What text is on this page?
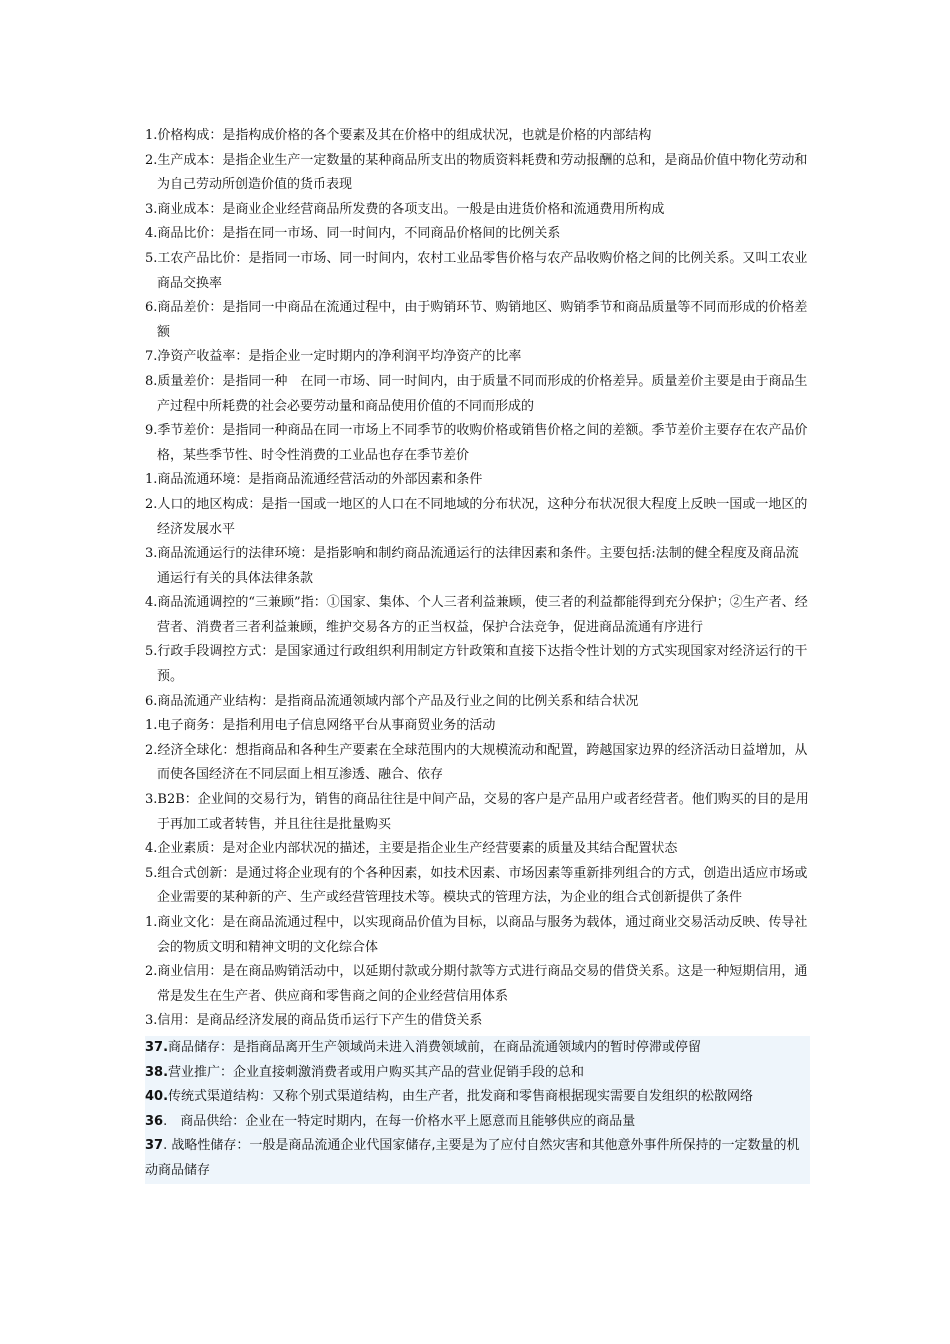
1.价格构成：是指构成价格的各个要素及其在价格中的组成状况，也就是价格的内部结构
2.生产成本：是指企业生产一定数量的某种商品所支出的物质资料耗费和劳动报酬的总和，是商品价值中物化劳动和为自己劳动所创造价值的货币表现
3.商业成本：是商业企业经营商品所发费的各项支出。一般是由进货价格和流通费用所构成
4.商品比价：是指在同一市场、同一时间内，不同商品价格间的比例关系
5.工农产品比价：是指同一市场、同一时间内，农村工业品零售价格与农产品收购价格之间的比例关系。又叫工农业商品交换率
6.商品差价：是指同一中商品在流通过程中，由于购销环节、购销地区、购销季节和商品质量等不同而形成的价格差额
7.净资产收益率：是指企业一定时期内的净利润平均净资产的比率
8.质量差价：是指同一种　在同一市场、同一时间内，由于质量不同而形成的价格差异。质量差价主要是由于商品生产过程中所耗费的社会必要劳动量和商品使用价值的不同而形成的
9.季节差价：是指同一种商品在同一市场上不同季节的收购价格或销售价格之间的差额。季节差价主要存在农产品价格，某些季节性、时令性消费的工业品也存在季节差价
1.商品流通环境：是指商品流通经营活动的外部因素和条件
2.人口的地区构成：是指一国或一地区的人口在不同地域的分布状况，这种分布状况很大程度上反映一国或一地区的经济发展水平
3.商品流通运行的法律环境：是指影响和制约商品流通运行的法律因素和条件。主要包括:法制的健全程度及商品流通运行有关的具体法律条款
4.商品流通调控的“三兼顾”指：①国家、集体、个人三者利益兼顾，使三者的利益都能得到充分保护；②生产者、经营者、消费者三者利益兼顾，维护交易各方的正当权益，保护合法竞争，促进商品流通有序进行
5.行政手段调控方式：是国家通过行政组织利用制定方针政策和直接下达指令性计划的方式实现国家对经济运行的干预。
6.商品流通产业结构：是指商品流通领域内部个产品及行业之间的比例关系和结合状况
1.电子商务：是指利用电子信息网络平台从事商贸业务的活动
2.经济全球化：想指商品和各种生产要素在全球范围内的大规模流动和配置，跨越国家边界的经济活动日益增加，从而使各国经济在不同层面上相互渗透、融合、依存
3.B2B：企业间的交易行为，销售的商品往往是中间产品，交易的客户是产品用户或者经营者。他们购买的目的是用于再加工或者转售，并且往往是批量购买
4.企业素质：是对企业内部状况的描述，主要是指企业生产经营要素的质量及其结合配置状态
5.组合式创新：是通过将企业现有的个各种因素，如技术因素、市场因素等重新排列组合的方式，创造出适应市场或企业需要的某种新的产、生产或经营管理技术等。模块式的管理方法，为企业的组合式创新提供了条件
1.商业文化：是在商品流通过程中，以实现商品价值为目标，以商品与服务为载体，通过商业交易活动反映、传导社会的物质文明和精神文明的文化综合体
2.商业信用：是在商品购销活动中，以延期付款或分期付款等方式进行商品交易的借贷关系。这是一种短期信用，通常是发生在生产者、供应商和零售商之间的企业经营信用体系
3.信用：是商品经济发展的商品货币运行下产生的借贷关系
37.商品储存：是指商品离开生产领域尚未进入消费领域前，在商品流通领域内的暂时停滞或停留
38.营业推广：企业直接刺激消费者或用户购买其产品的营业促销手段的总和
40.传统式渠道结构：又称个别式渠道结构，由生产者，批发商和零售商根据现实需要自发组织的松散网络
36.　商品供给：企业在一特定时期内，在每一价格水平上愿意而且能够供应的商品量
37. 战略性储存：一般是商品流通企业代国家储存,主要是为了应付自然灾害和其他意外事件所保持的一定数量的机动商品储存
